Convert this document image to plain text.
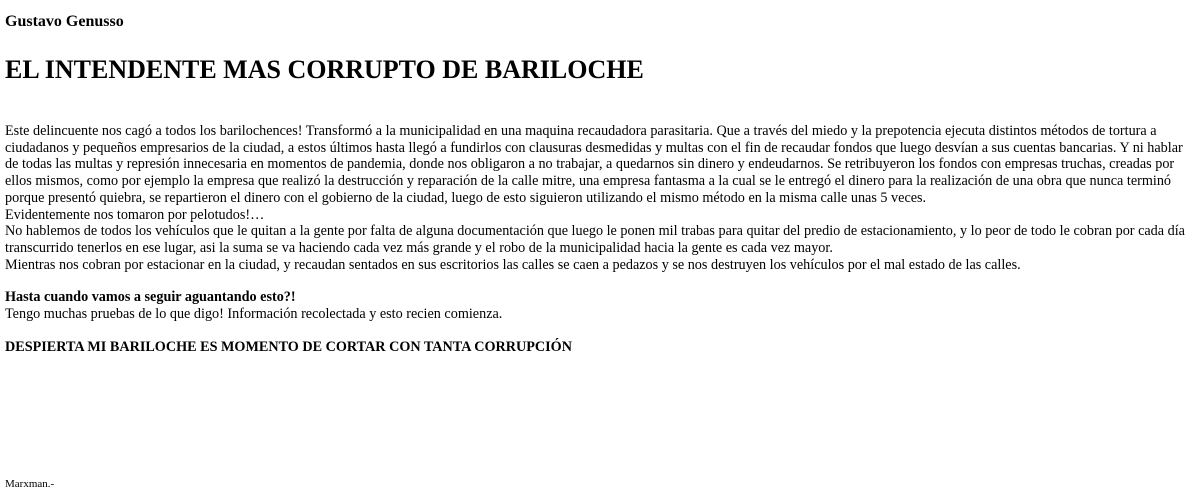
Gustavo Genusso
EL INTENDENTE MAS CORRUPTO DE BARILOCHE

Este delincuente nos cagó a todos los barilochences! Transformó a la municipalidad en una maquina recaudadora parasitaria. Que a través del miedo y la prepotencia ejecuta distintos métodos de tortura a ciudadanos y pequeños empresarios de la ciudad, a estos últimos hasta llegó a fundirlos con clausuras desmedidas y multas con el fin de recaudar fondos que luego desvían a sus cuentas bancarias. Y ni hablar de todas las multas y represión innecesaria en momentos de pandemia, donde nos obligaron a no trabajar, a quedarnos sin dinero y endeudarnos. Se retribuyeron los fondos con empresas truchas, creadas por ellos mismos, como por ejemplo la empresa que realizó la destrucción y reparación de la calle mitre, una empresa fantasma a la cual se le entregó el dinero para la realización de una obra que nunca terminó porque presentó quiebra, se repartieron el dinero con el gobierno de la ciudad, luego de esto siguieron utilizando el mismo método en la misma calle unas 5 veces.

Evidentemente nos tomaron por pelotudos!…

No hablemos de todos los vehículos que le quitan a la gente por falta de alguna documentación que luego le ponen mil trabas para quitar del predio de estacionamiento, y lo peor de todo le cobran por cada día transcurrido tenerlos en ese lugar, asi la suma se va haciendo cada vez más grande y el robo de la municipalidad hacia la gente es cada vez mayor.

Mientras nos cobran por estacionar en la ciudad, y recaudan sentados en sus escritorios las calles se caen a pedazos y se nos destruyen los vehículos por el mal estado de las calles.

Hasta cuando vamos a seguir aguantando esto?!

Tengo muchas pruebas de lo que digo! Información recolectada y esto recien comienza.

DESPIERTA MI BARILOCHE ES MOMENTO DE CORTAR CON TANTA CORRUPCIÓN

Marxman.-
